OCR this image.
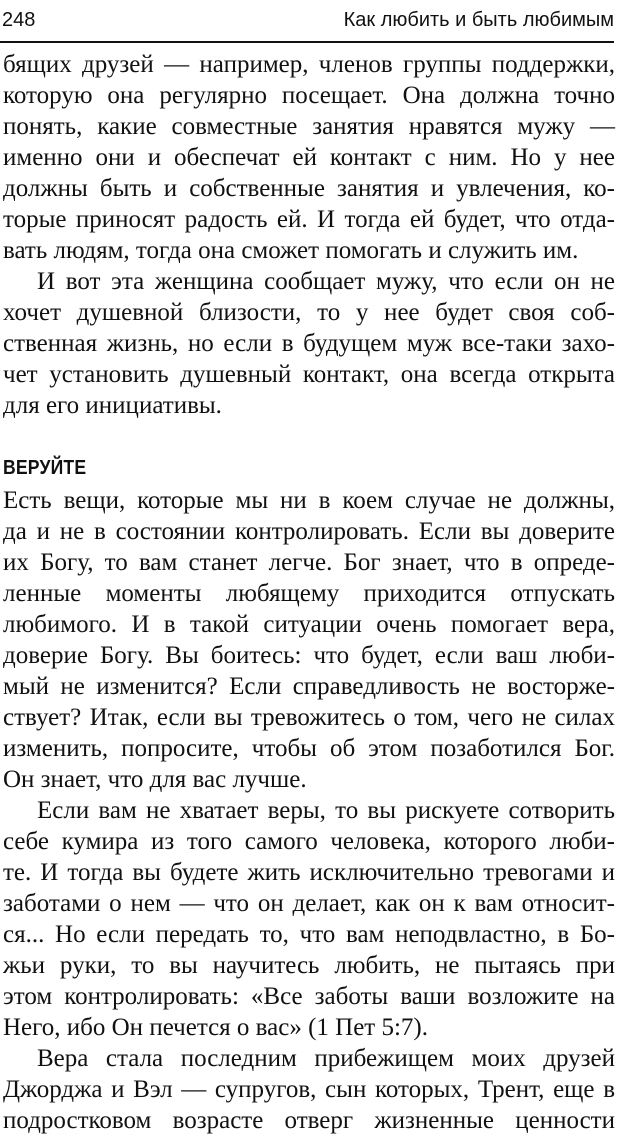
248	Как любить и быть любимым
бящих друзей — например, членов группы поддержки,
которую она регулярно посещает. Она должна точно
понять, какие совместные занятия нравятся мужу —
именно они и обеспечат ей контакт с ним. Но у нее
должны быть и собственные занятия и увлечения, ко-
торые приносят радость ей. И тогда ей будет, что отда-
вать людям, тогда она сможет помогать и служить им.
И вот эта женщина сообщает мужу, что если он не
хочет душевной близости, то у нее будет своя соб-
ственная жизнь, но если в будущем муж все-таки захо-
чет установить душевный контакт, она всегда открыта
для его инициативы.
ВЕРУЙТЕ
Есть вещи, которые мы ни в коем случае не должны,
да и не в состоянии контролировать. Если вы доверите
их Богу, то вам станет легче. Бог знает, что в опреде-
ленные моменты любящему приходится отпускать
любимого. И в такой ситуации очень помогает вера,
доверие Богу. Вы боитесь: что будет, если ваш люби-
мый не изменится? Если справедливость не восторже-
ствует? Итак, если вы тревожитесь о том, чего не силах
изменить, попросите, чтобы об этом позаботился Бог.
Он знает, что для вас лучше.
Если вам не хватает веры, то вы рискуете сотворить
себе кумира из того самого человека, которого люби-
те. И тогда вы будете жить исключительно тревогами и
заботами о нем — что он делает, как он к вам относит-
ся... Но если передать то, что вам неподвластно, в Бо-
жьи руки, то вы научитесь любить, не пытаясь при
этом контролировать: «Все заботы ваши возложите на
Него, ибо Он печется о вас» (1 Пет 5:7).
Вера стала последним прибежищем моих друзей
Джорджа и Вэл — супругов, сын которых, Трент, еще в
подростковом возрасте отверг жизненные ценности
